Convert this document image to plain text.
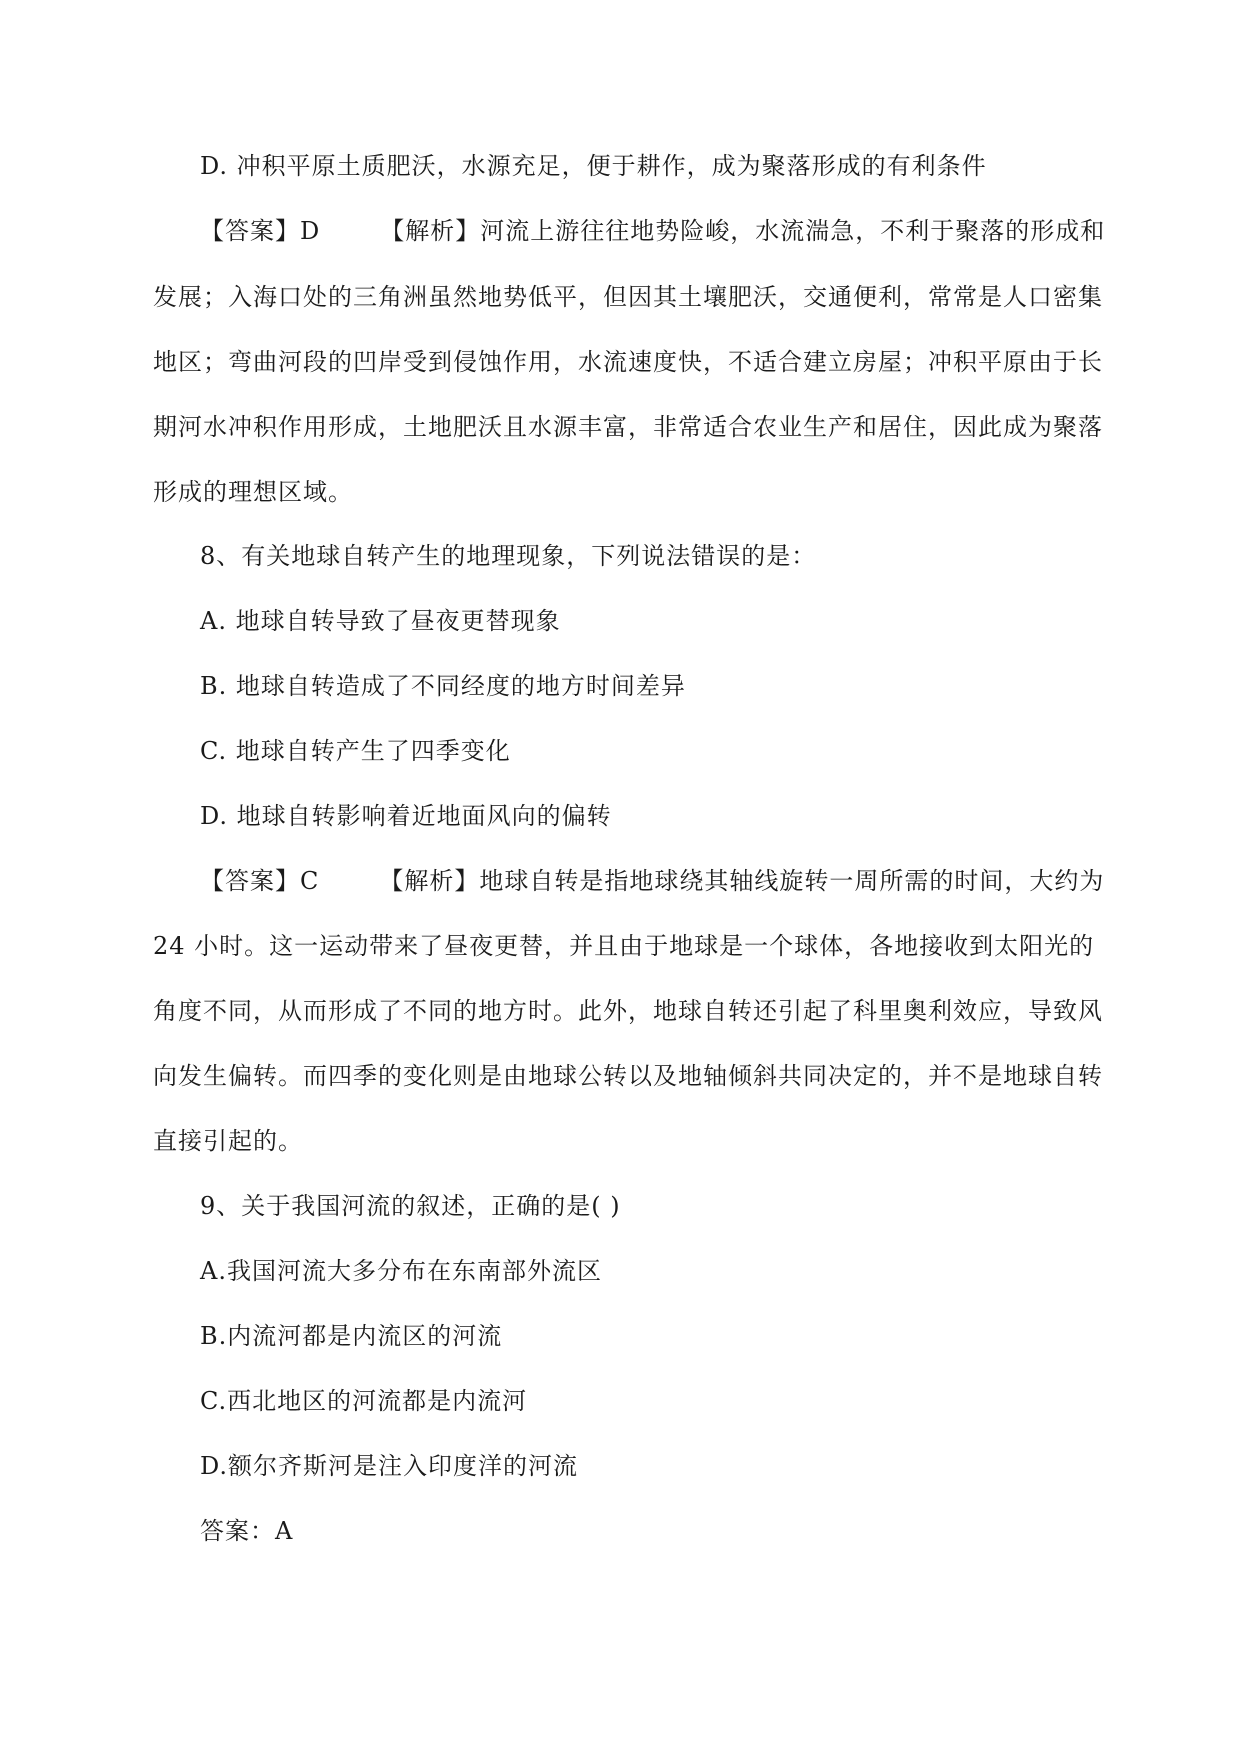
D. 冲积平原土质肥沃，水源充足，便于耕作，成为聚落形成的有利条件
【答案】D	【解析】河流上游往往地势险峻，水流湍急，不利于聚落的形成和
发展；入海口处的三角洲虽然地势低平，但因其土壤肥沃，交通便利，常常是人口密集
地区；弯曲河段的凹岸受到侵蚀作用，水流速度快，不适合建立房屋；冲积平原由于长
期河水冲积作用形成，土地肥沃且水源丰富，非常适合农业生产和居住，因此成为聚落
形成的理想区域。
8、有关地球自转产生的地理现象，下列说法错误的是：
A. 地球自转导致了昼夜更替现象
B. 地球自转造成了不同经度的地方时间差异
C. 地球自转产生了四季变化
D. 地球自转影响着近地面风向的偏转
【答案】C	【解析】地球自转是指地球绕其轴线旋转一周所需的时间，大约为
24 小时。这一运动带来了昼夜更替，并且由于地球是一个球体，各地接收到太阳光的
角度不同，从而形成了不同的地方时。此外，地球自转还引起了科里奥利效应，导致风
向发生偏转。而四季的变化则是由地球公转以及地轴倾斜共同决定的，并不是地球自转
直接引起的。
9、关于我国河流的叙述，正确的是( )
A.我国河流大多分布在东南部外流区
B.内流河都是内流区的河流
C.西北地区的河流都是内流河
D.额尔齐斯河是注入印度洋的河流
答案：A
